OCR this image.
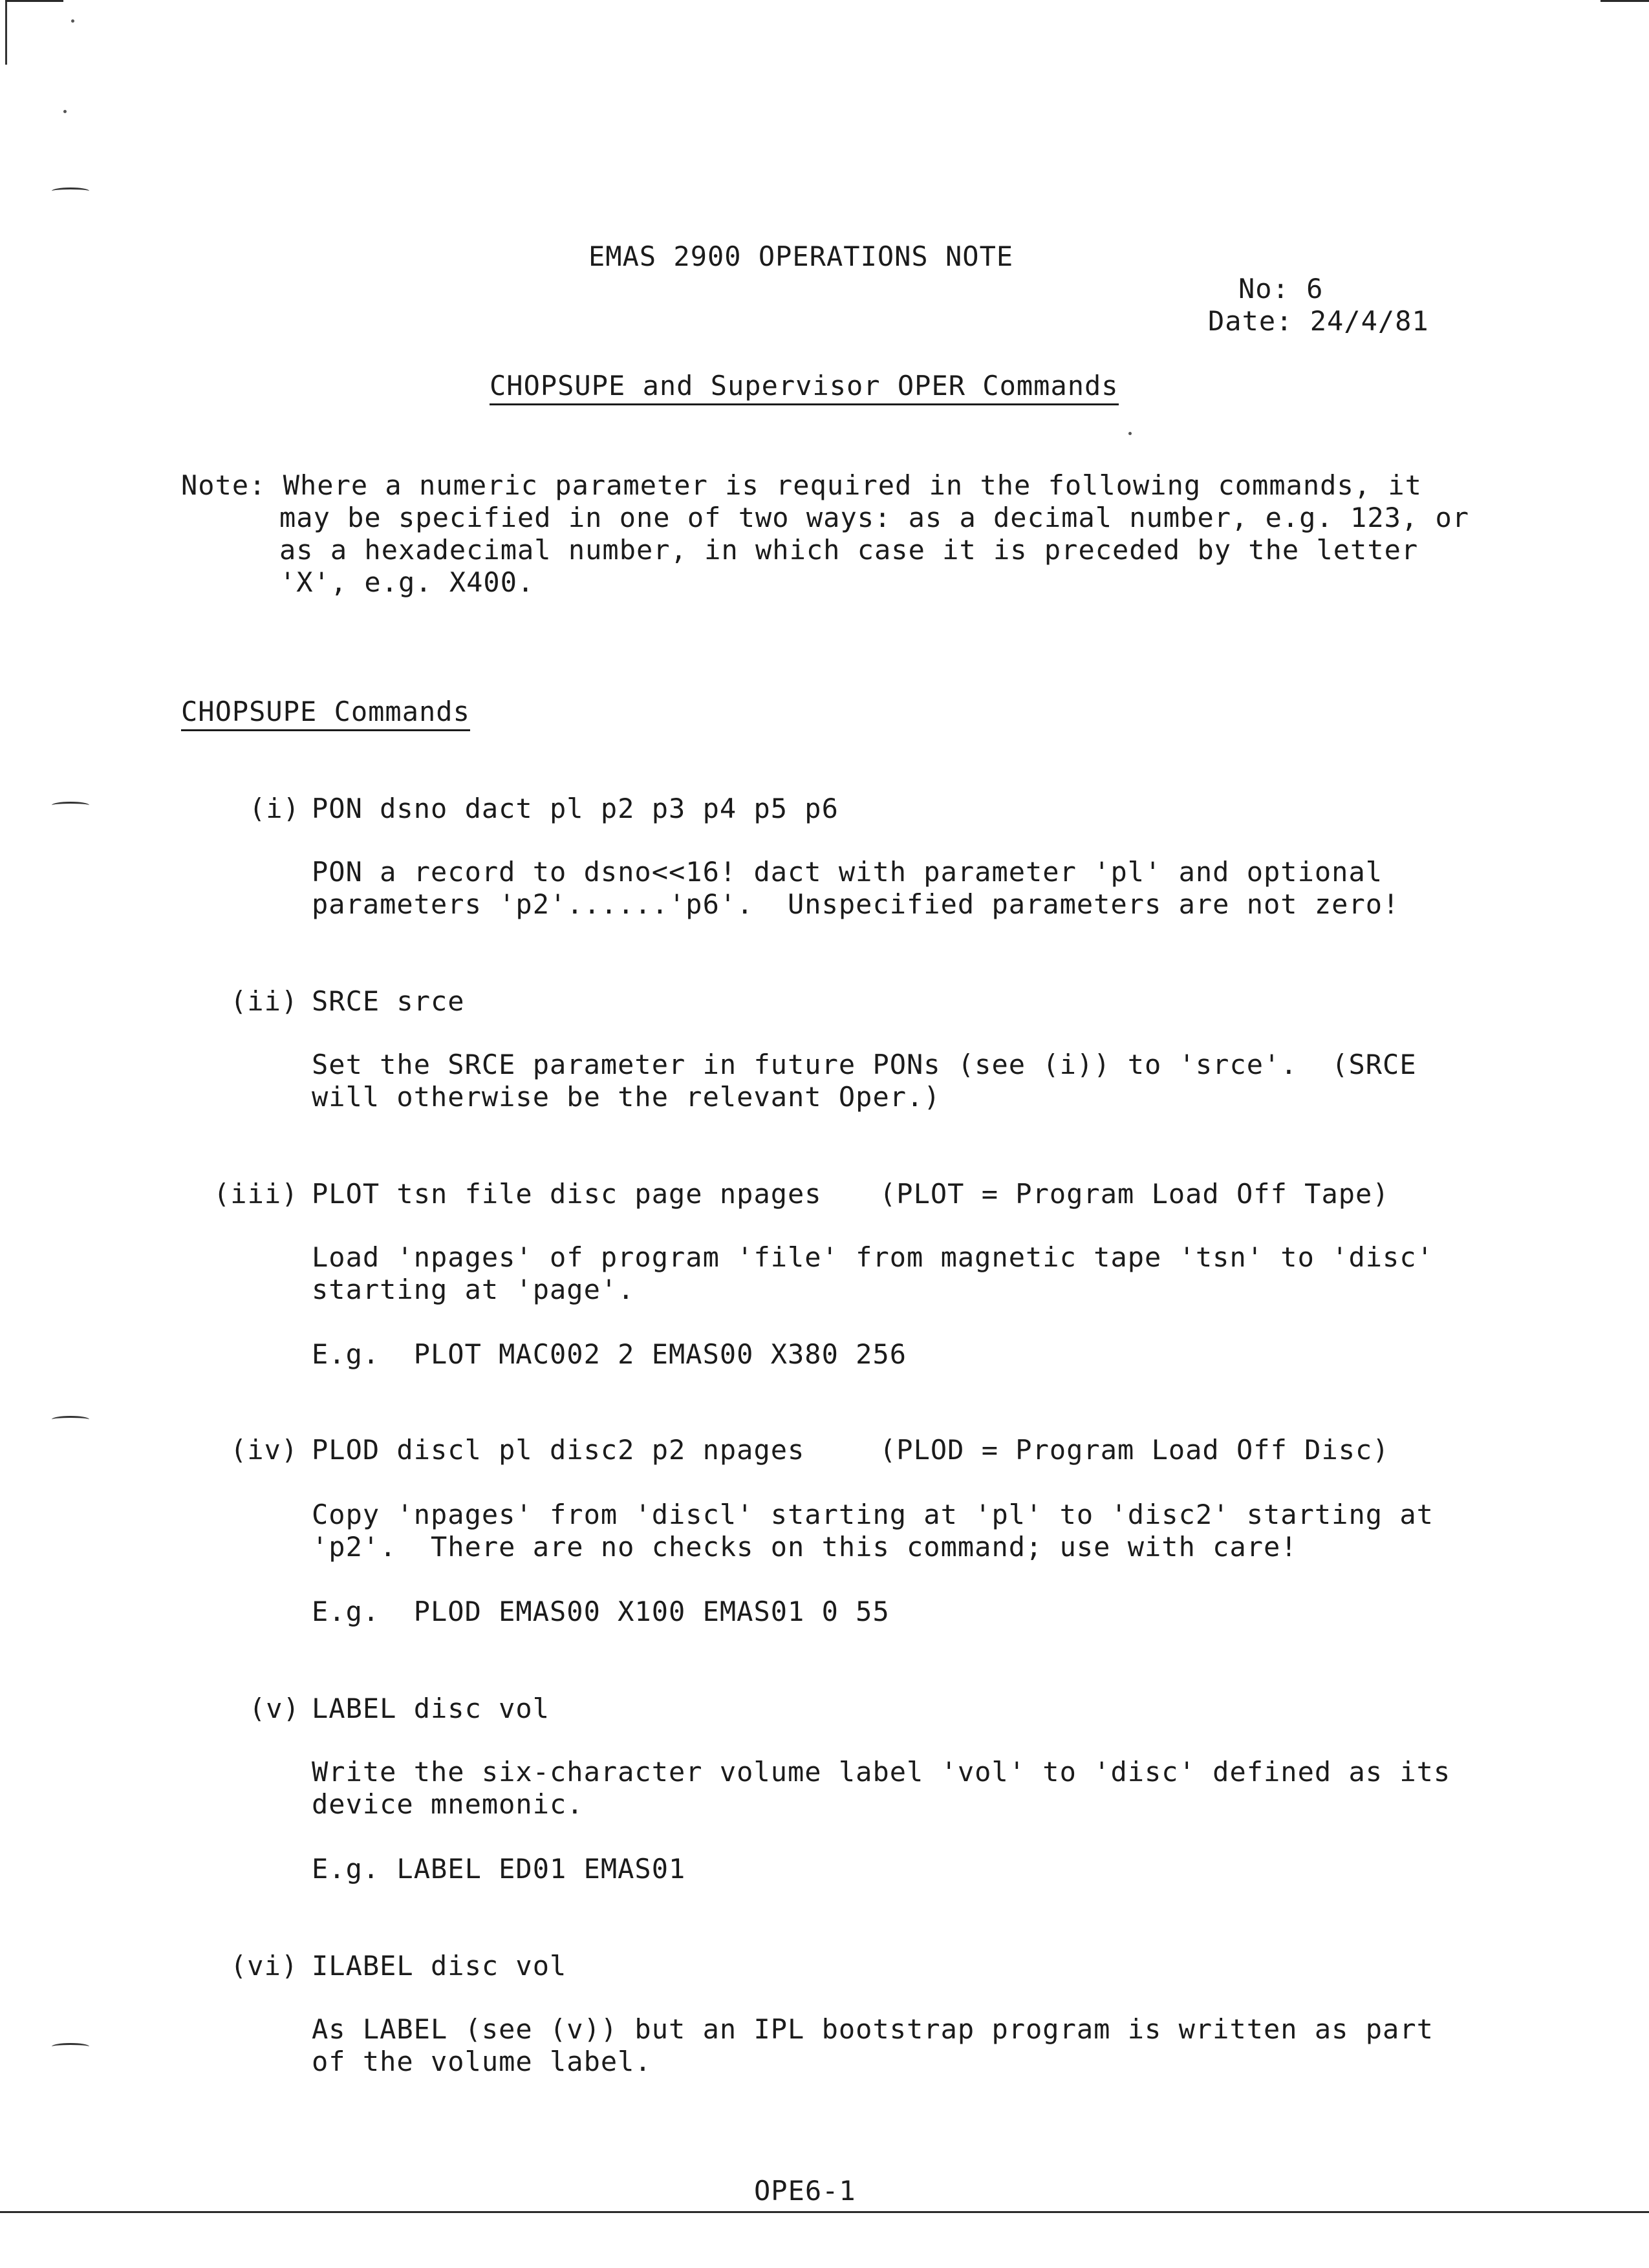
EMAS 2900 OPERATIONS NOTE
No: 6
Date: 24/4/81
CHOPSUPE and Supervisor OPER Commands
Note: Where a numeric parameter is required in the following commands, it
may be specified in one of two ways: as a decimal number, e.g. 123, or
as a hexadecimal number, in which case it is preceded by the letter
'X', e.g. X400.
CHOPSUPE Commands
(i) PON dsno dact pl p2 p3 p4 p5 p6
PON a record to dsno<<16! dact with parameter 'pl' and optional
parameters 'p2'......'p6'.  Unspecified parameters are not zero!
(ii) SRCE srce
Set the SRCE parameter in future PONs (see (i)) to 'srce'.  (SRCE
will otherwise be the relevant Oper.)
(iii) PLOT tsn file disc page npages (PLOT = Program Load Off Tape)
Load 'npages' of program 'file' from magnetic tape 'tsn' to 'disc'
starting at 'page'.
E.g.  PLOT MAC002 2 EMAS00 X380 256
(iv) PLOD discl pl disc2 p2 npages	(PLOD = Program Load Off Disc)
Copy 'npages' from 'discl' starting at 'pl' to 'disc2' starting at
'p2'.  There are no checks on this command; use with care!
E.g.  PLOD EMAS00 X100 EMAS01 0 55
(v) LABEL disc vol
Write the six-character volume label 'vol' to 'disc' defined as its
device mnemonic.
E.g. LABEL ED01 EMAS01
(vi) ILABEL disc vol
As LABEL (see (v)) but an IPL bootstrap program is written as part
of the volume label.
OPE6-1
